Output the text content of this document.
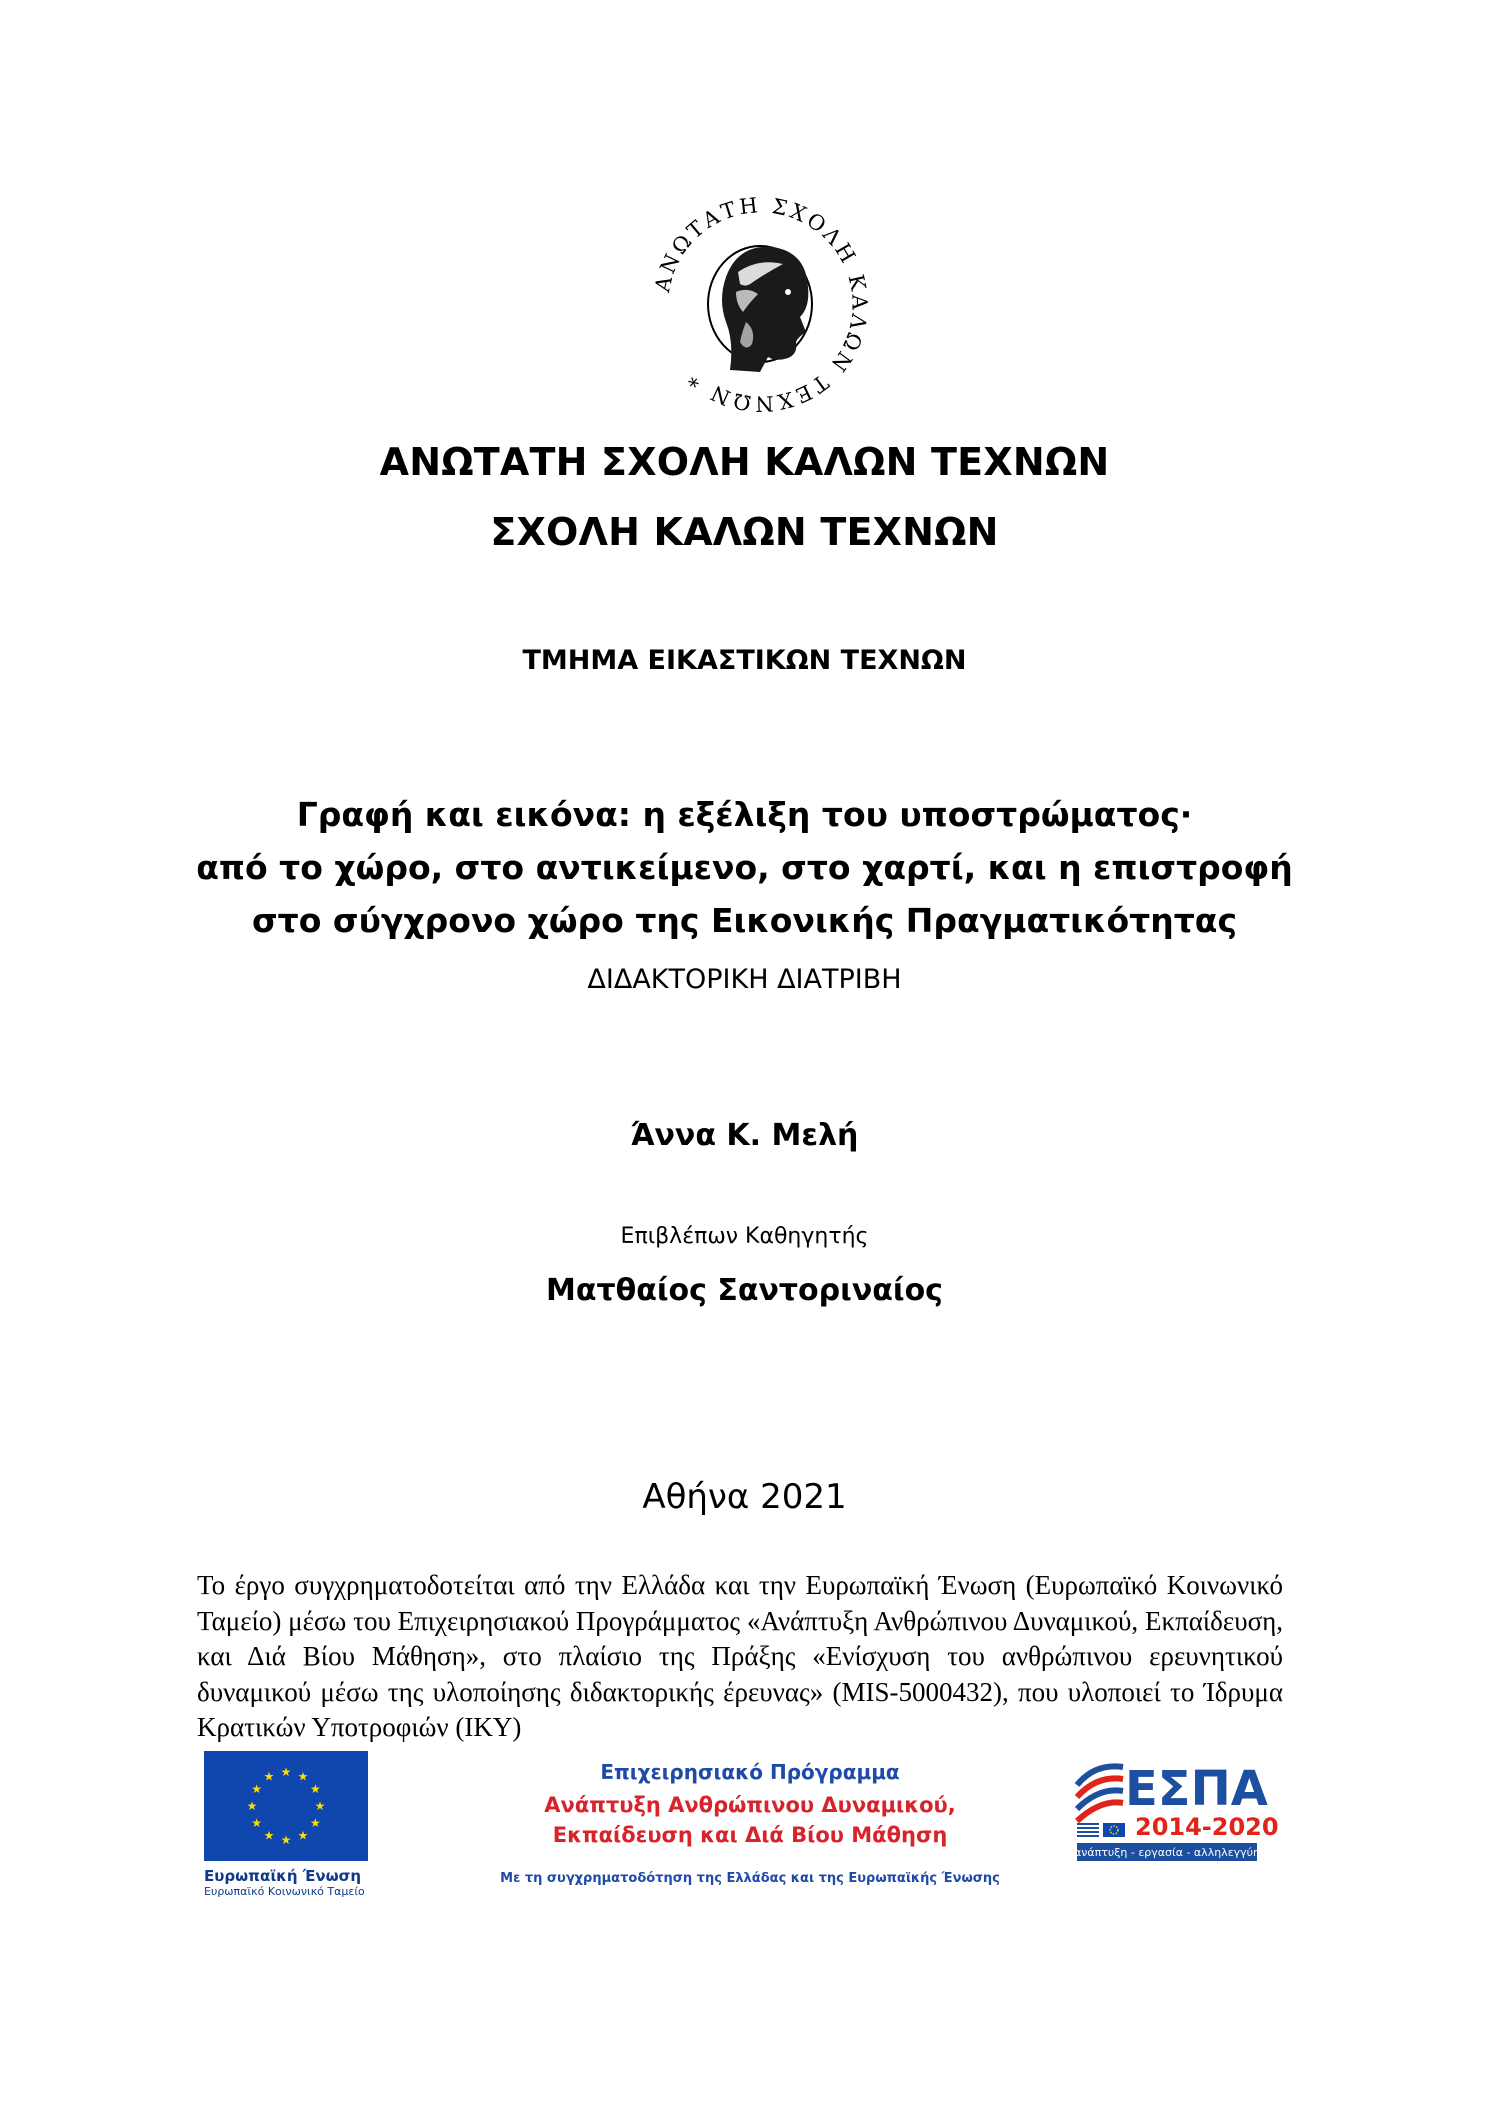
ΑΝΩΤΑΤΗ ΣΧΟΛΗ ΚΑΛΩΝ ΤΕΧΝΩΝ *
ΑΝΩΤΑΤΗ ΣΧΟΛΗ ΚΑΛΩΝ ΤΕΧΝΩΝ
ΣΧΟΛΗ ΚΑΛΩΝ ΤΕΧΝΩΝ
ΤΜΗΜΑ ΕΙΚΑΣΤΙΚΩΝ ΤΕΧΝΩΝ
Γραφή και εικόνα: η εξέλιξη του υποστρώματος·
από το χώρο, στο αντικείμενο, στο χαρτί, και η επιστροφή
στο σύγχρονο χώρο της Εικονικής Πραγματικότητας
ΔΙΔΑΚΤΟΡΙΚΗ ΔΙΑΤΡΙΒΗ
Άννα Κ. Μελή
Επιβλέπων Καθηγητής
Ματθαίος Σαντοριναίος
Αθήνα 2021
Το έργο συγχρηματοδοτείται από την Ελλάδα και την Ευρωπαϊκή Ένωση (Ευρωπαϊκό Κοινωνικό Ταμείο) μέσω του Επιχειρησιακού Προγράμματος «Ανάπτυξη Ανθρώπινου Δυναμικού, Εκπαίδευση, και Διά Βίου Μάθηση», στο πλαίσιο της Πράξης «Ενίσχυση του ανθρώπινου ερευνητικού δυναμικού μέσω της υλοποίησης διδακτορικής έρευνας» (MIS-5000432), που υλοποιεί το Ίδρυμα Κρατικών Υποτροφιών (ΙΚΥ)
★ ★
★
★
★
★
★
★
★
★
★
★
Ευρωπαϊκή Ένωση
Ευρωπαϊκό Κοινωνικό Ταμείο
Επιχειρησιακό Πρόγραμμα
Ανάπτυξη Ανθρώπινου Δυναμικού,
Εκπαίδευση και Διά Βίου Μάθηση
Με τη συγχρηματοδότηση της Ελλάδας και της Ευρωπαϊκής Ένωσης
ΕΣΠΑ
2014-2020
ανάπτυξη - εργασία - αλληλεγγύη
